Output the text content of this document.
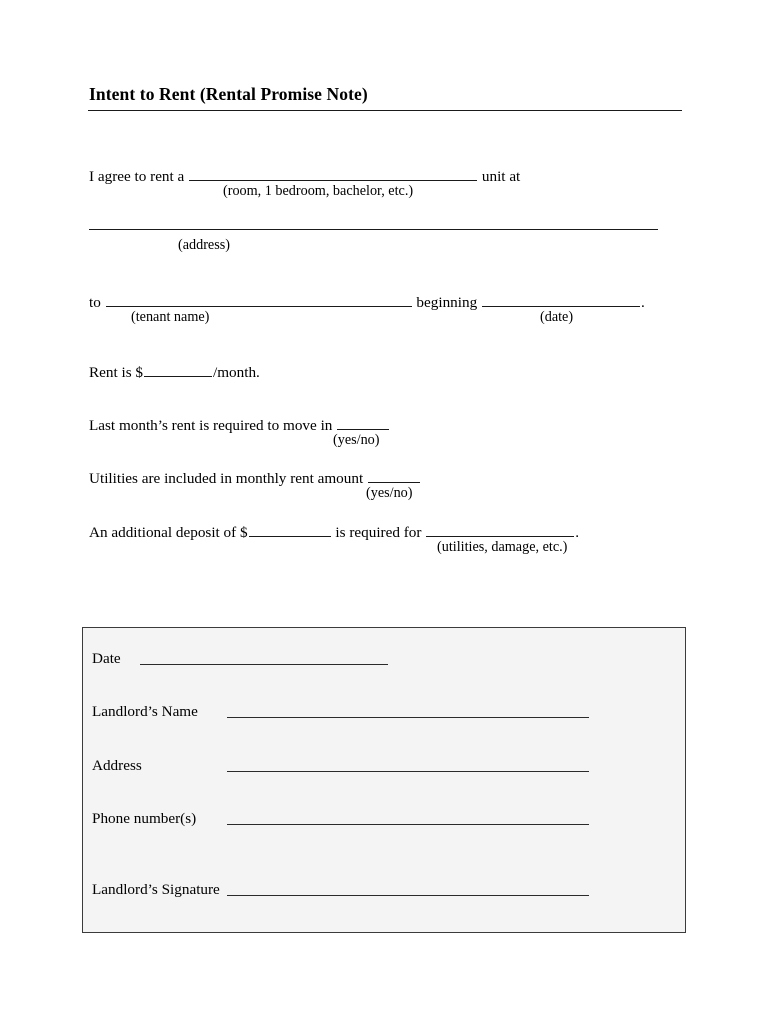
Intent to Rent (Rental Promise Note)
I agree to rent a	unit at
(room, 1 bedroom, bachelor, etc.)
(address)
to	beginning	.
(tenant name)	(date)
Rent is $	/month.
Last month’s rent is required to move in
(yes/no)
Utilities are included in monthly rent amount
(yes/no)
An additional deposit of $	is required for	.
(utilities, damage, etc.)
Date
Landlord’s Name
Address
Phone number(s)
Landlord’s Signature
